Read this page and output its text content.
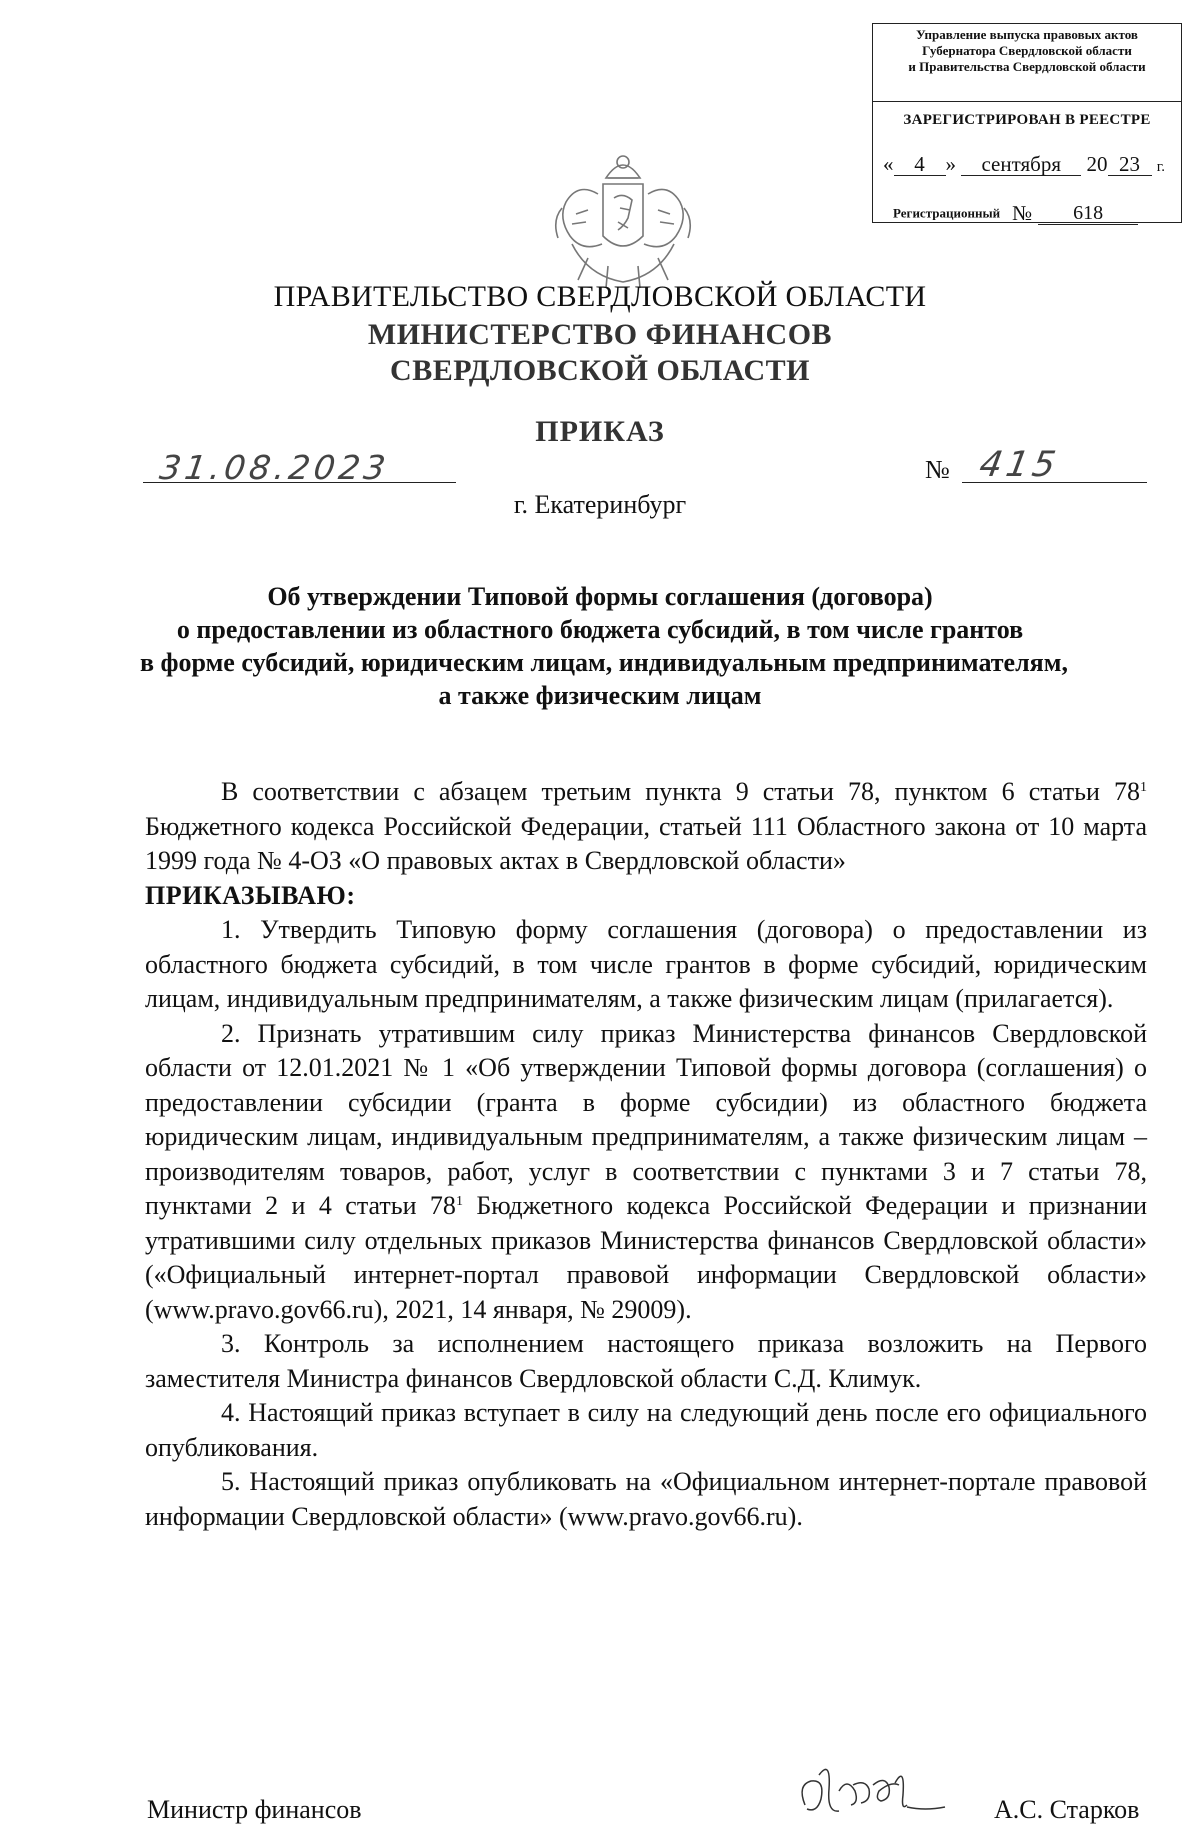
Управление выпуска правовых актов
Губернатора Свердловской области
и Правительства Свердловской области
ЗАРЕГИСТРИРОВАН В РЕЕСТРЕ
« 4 » сентября 20 23 г.
Регистрационный № 618
ПРАВИТЕЛЬСТВО СВЕРДЛОВСКОЙ ОБЛАСТИ
МИНИСТЕРСТВО ФИНАНСОВ
СВЕРДЛОВСКОЙ ОБЛАСТИ
ПРИКАЗ
31.08.2023	№ 415
г. Екатеринбург
Об утверждении Типовой формы соглашения (договора)
о предоставлении из областного бюджета субсидий, в том числе грантов
в форме субсидий, юридическим лицам, индивидуальным предпринимателям,
а также физическим лицам

В соответствии с абзацем третьим пункта 9 статьи 78, пунктом 6 статьи $78^1$ Бюджетного кодекса Российской Федерации, статьей 111 Областного закона от 10 марта 1999 года № 4-ОЗ «О правовых актах в Свердловской области»

ПРИКАЗЫВАЮ:

1. Утвердить Типовую форму соглашения (договора) о предоставлении из областного бюджета субсидий, в том числе грантов в форме субсидий, юридическим лицам, индивидуальным предпринимателям, а также физическим лицам (прилагается).

2. Признать утратившим силу приказ Министерства финансов Свердловской области от 12.01.2021 № 1 «Об утверждении Типовой формы договора (соглашения) о предоставлении субсидии (гранта в форме субсидии) из областного бюджета юридическим лицам, индивидуальным предпринимателям, а также физическим лицам – производителям товаров, работ, услуг в соответствии с пунктами 3 и 7 статьи 78, пунктами 2 и 4 статьи $78^1$ Бюджетного кодекса Российской Федерации и признании утратившими силу отдельных приказов Министерства финансов Свердловской области» («Официальный интернет-портал правовой информации Свердловской области» (www.pravo.gov66.ru), 2021, 14 января, № 29009).

3. Контроль за исполнением настоящего приказа возложить на Первого заместителя Министра финансов Свердловской области С.Д. Климук.

4. Настоящий приказ вступает в силу на следующий день после его официального опубликования.

5. Настоящий приказ опубликовать на «Официальном интернет-портале правовой информации Свердловской области» (www.pravo.gov66.ru).

Министр финансов	А.С. Старков
